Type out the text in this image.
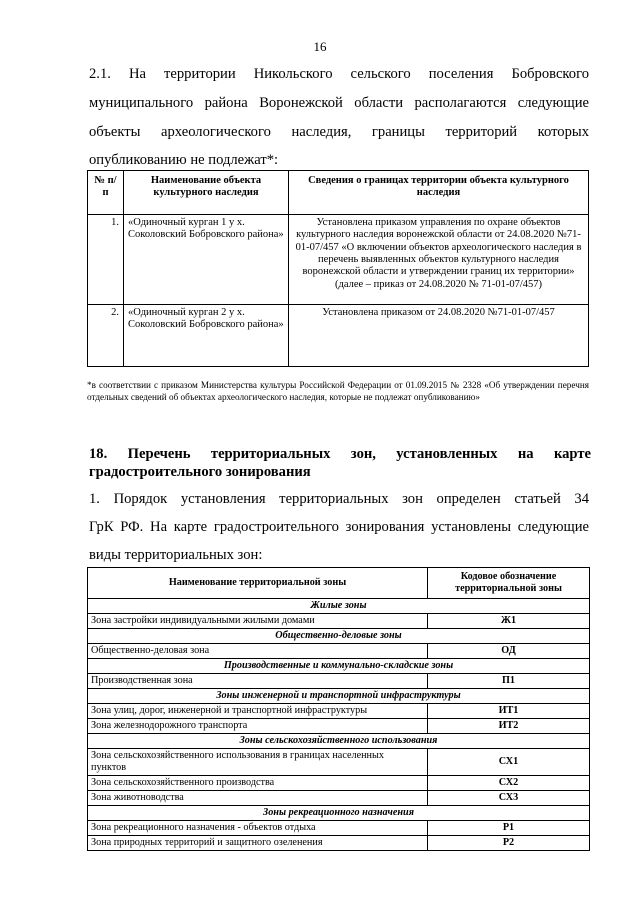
16
2.1. На территории Никольского сельского поселения Бобровского
муниципального района Воронежской области располагаются следующие
объекты археологического наследия, границы территорий которых
опубликованию не подлежат*:
№ п/п	Наименование объекта культурного наследия	Сведения о границах территории объекта культурного наследия
1.	«Одиночный курган 1 у х. Соколовский Бобровского района»	Установлена приказом управления по охране объектов культурного наследия воронежской области от 24.08.2020 №71-01-07/457 «О включении объектов археологического наследия в перечень выявленных объектов культурного наследия воронежской области и утверждении границ их территории»
(далее – приказ от 24.08.2020 № 71-01-07/457)

2.	«Одиночный курган 2 у х. Соколовский Бобровского района»	Установлена приказом от 24.08.2020 №71-01-07/457
*в соответствии с приказом Министерства культуры Российской Федерации от 01.09.2015 № 2328 «Об утверждении перечня отдельных сведений об объектах археологического наследия, которые не подлежат опубликованию»
18. Перечень территориальных зон, установленных на карте градостроительного зонирования
1. Порядок установления территориальных зон определен статьей 34
ГрК РФ. На карте градостроительного зонирования установлены следующие
виды территориальных зон:
Наименование территориальной зоны	Кодовое обозначение территориальной зоны
Жилые зоны	
Зона застройки индивидуальными жилыми домами	Ж1
Общественно-деловые зоны	
Общественно-деловая зона	ОД
Производственные и коммунально-складские зоны	
Производственная зона	П1
Зоны инженерной и транспортной инфраструктуры	
Зона улиц, дорог, инженерной и транспортной инфраструктуры	ИТ1
Зона железнодорожного транспорта	ИТ2
Зоны сельскохозяйственного использования	
Зона сельскохозяйственного использования в границах населенных пунктов	СХ1
Зона сельскохозяйственного производства	СХ2
Зона животноводства	СХ3
Зоны рекреационного назначения	
Зона рекреационного назначения - объектов отдыха	Р1
Зона природных территорий и защитного озеленения	Р2
